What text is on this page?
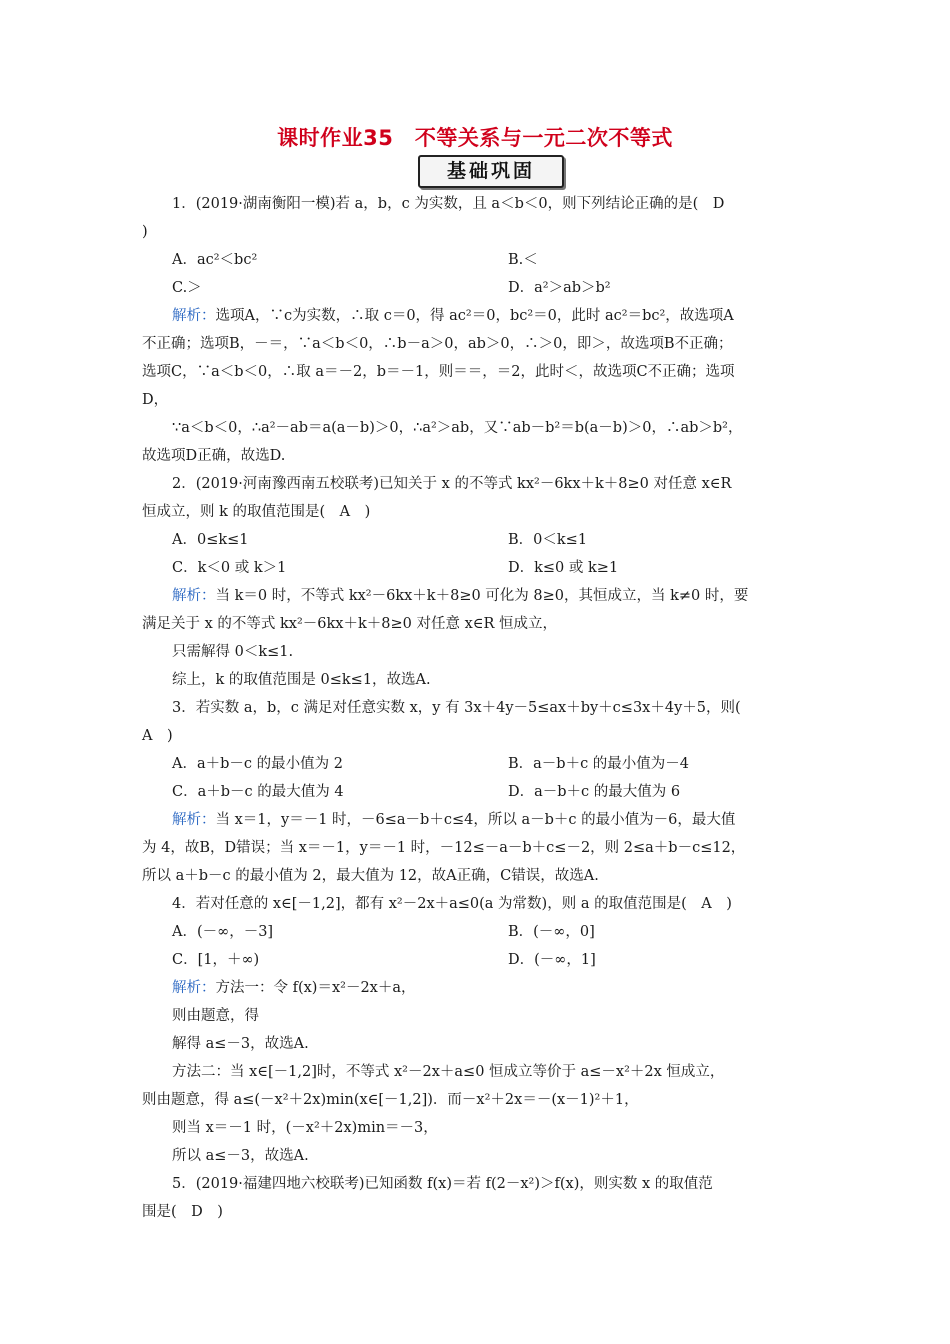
课时作业35　不等关系与一元二次不等式
基础巩固
1．(2019·湖南衡阳一模)若 a，b，c 为实数，且 a＜b＜0，则下列结论正确的是(　D
)
A．ac²＜bc²	B.＜
C.＞	D．a²＞ab＞b²
解析：选项A，∵c为实数，∴取 c＝0，得 ac²＝0，bc²＝0，此时 ac²＝bc²，故选项A
不正确；选项B，－＝，∵a＜b＜0，∴b－a＞0，ab＞0，∴＞0，即＞，故选项B不正确；
选项C，∵a＜b＜0，∴取 a＝－2，b＝－1，则＝＝，＝2，此时＜，故选项C不正确；选项
D，
∵a＜b＜0，∴a²－ab＝a(a－b)＞0，∴a²＞ab，又∵ab－b²＝b(a－b)＞0，∴ab＞b²，
故选项D正确，故选D.
2．(2019·河南豫西南五校联考)已知关于 x 的不等式 kx²－6kx＋k＋8≥0 对任意 x∈R
恒成立，则 k 的取值范围是(　A　)
A．0≤k≤1	B．0＜k≤1
C．k＜0 或 k＞1	D．k≤0 或 k≥1
解析：当 k＝0 时，不等式 kx²－6kx＋k＋8≥0 可化为 8≥0，其恒成立，当 k≠0 时，要
满足关于 x 的不等式 kx²－6kx＋k＋8≥0 对任意 x∈R 恒成立，
只需解得 0＜k≤1.
综上，k 的取值范围是 0≤k≤1，故选A.
3．若实数 a，b，c 满足对任意实数 x，y 有 3x＋4y－5≤ax＋by＋c≤3x＋4y＋5，则(
A　)
A．a＋b－c 的最小值为 2	B．a－b＋c 的最小值为－4
C．a＋b－c 的最大值为 4	D．a－b＋c 的最大值为 6
解析：当 x＝1，y＝－1 时，－6≤a－b＋c≤4，所以 a－b＋c 的最小值为－6，最大值
为 4，故B，D错误；当 x＝－1，y＝－1 时，－12≤－a－b＋c≤－2，则 2≤a＋b－c≤12，
所以 a＋b－c 的最小值为 2，最大值为 12，故A正确，C错误，故选A.
4．若对任意的 x∈[－1,2]，都有 x²－2x＋a≤0(a 为常数)，则 a 的取值范围是(　A　)
A．(－∞，－3]	B．(－∞，0]
C．[1，＋∞)	D．(－∞，1]
解析：方法一：令 f(x)＝x²－2x＋a，
则由题意，得
解得 a≤－3，故选A.
方法二：当 x∈[－1,2]时，不等式 x²－2x＋a≤0 恒成立等价于 a≤－x²＋2x 恒成立，
则由题意，得 a≤(－x²＋2x)min(x∈[－1,2])．而－x²＋2x＝－(x－1)²＋1，
则当 x＝－1 时，(－x²＋2x)min＝－3，
所以 a≤－3，故选A.
5．(2019·福建四地六校联考)已知函数 f(x)＝若 f(2－x²)＞f(x)，则实数 x 的取值范
围是(　D　)
